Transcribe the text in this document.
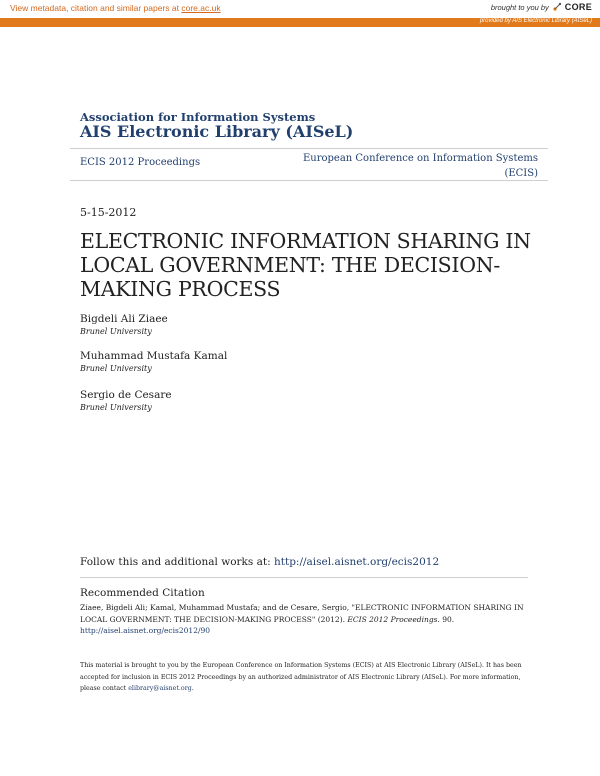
View metadata, citation and similar papers at core.ac.uk	brought to you by CORE
provided by AIS Electronic Library (AISeL)
Association for Information Systems
AIS Electronic Library (AISeL)
ECIS 2012 Proceedings	European Conference on Information Systems
(ECIS)
5-15-2012
ELECTRONIC INFORMATION SHARING IN LOCAL GOVERNMENT: THE DECISION-MAKING PROCESS
Bigdeli Ali Ziaee
Brunel University
Muhammad Mustafa Kamal
Brunel University
Sergio de Cesare
Brunel University
Follow this and additional works at: http://aisel.aisnet.org/ecis2012
Recommended Citation
Ziaee, Bigdeli Ali; Kamal, Muhammad Mustafa; and de Cesare, Sergio, "ELECTRONIC INFORMATION SHARING IN LOCAL GOVERNMENT: THE DECISION-MAKING PROCESS" (2012). ECIS 2012 Proceedings. 90.
http://aisel.aisnet.org/ecis2012/90
This material is brought to you by the European Conference on Information Systems (ECIS) at AIS Electronic Library (AISeL). It has been accepted for inclusion in ECIS 2012 Proceedings by an authorized administrator of AIS Electronic Library (AISeL). For more information, please contact elibrary@aisnet.org.
